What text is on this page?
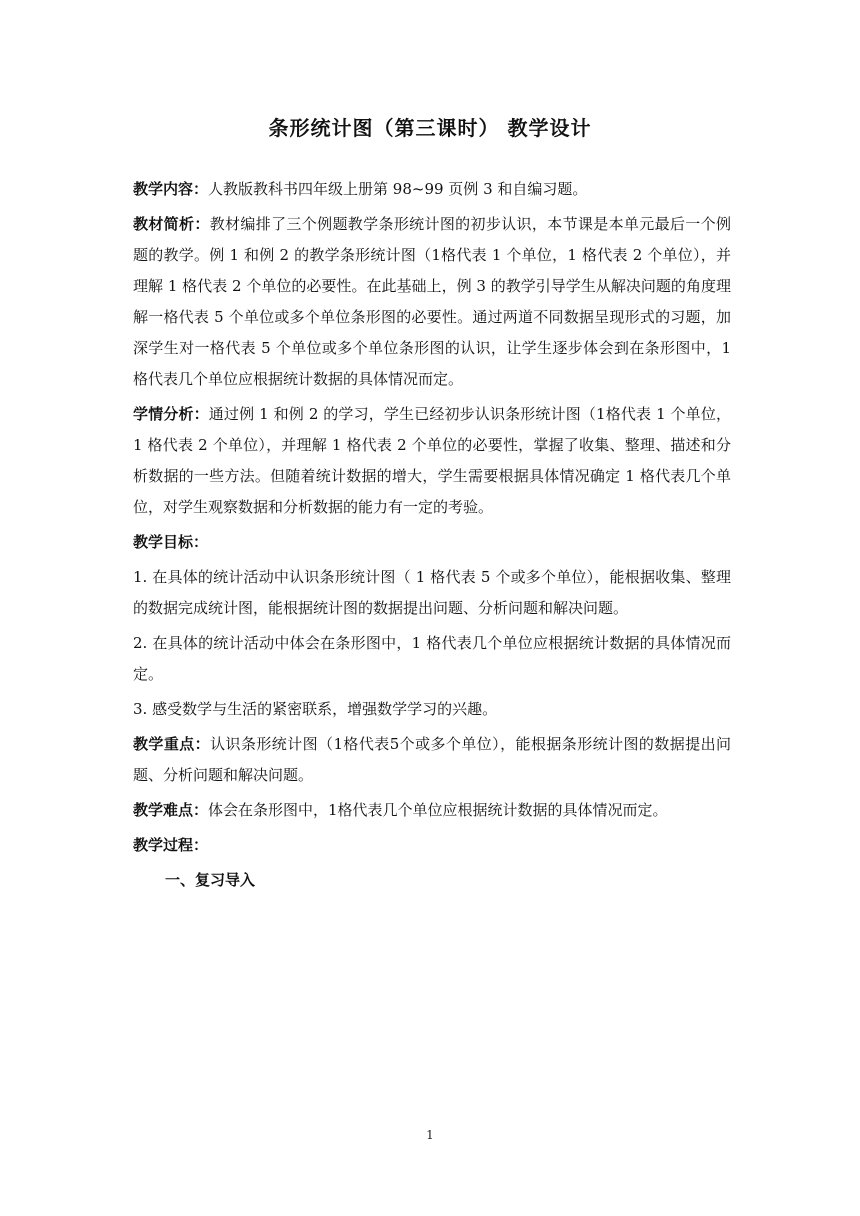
条形统计图（第三课时） 教学设计

教学内容：人教版教科书四年级上册第 98~99 页例 3 和自编习题。

教材简析：教材编排了三个例题教学条形统计图的初步认识，本节课是本单元最后一个例题的教学。例 1 和例 2 的教学条形统计图（1格代表 1 个单位，1 格代表 2 个单位），并理解 1 格代表 2 个单位的必要性。在此基础上，例 3 的教学引导学生从解决问题的角度理解一格代表 5 个单位或多个单位条形图的必要性。通过两道不同数据呈现形式的习题，加深学生对一格代表 5 个单位或多个单位条形图的认识，让学生逐步体会到在条形图中，1 格代表几个单位应根据统计数据的具体情况而定。

学情分析：通过例 1 和例 2 的学习，学生已经初步认识条形统计图（1格代表 1 个单位，1 格代表 2 个单位），并理解 1 格代表 2 个单位的必要性，掌握了收集、整理、描述和分析数据的一些方法。但随着统计数据的增大，学生需要根据具体情况确定 1 格代表几个单位，对学生观察数据和分析数据的能力有一定的考验。

教学目标：

1. 在具体的统计活动中认识条形统计图（ 1 格代表 5 个或多个单位），能根据收集、整理的数据完成统计图，能根据统计图的数据提出问题、分析问题和解决问题。

2. 在具体的统计活动中体会在条形图中，1 格代表几个单位应根据统计数据的具体情况而定。

3. 感受数学与生活的紧密联系，增强数学学习的兴趣。

教学重点：认识条形统计图（1格代表5个或多个单位），能根据条形统计图的数据提出问题、分析问题和解决问题。

教学难点：体会在条形图中，1格代表几个单位应根据统计数据的具体情况而定。

教学过程：

一、复习导入

1
